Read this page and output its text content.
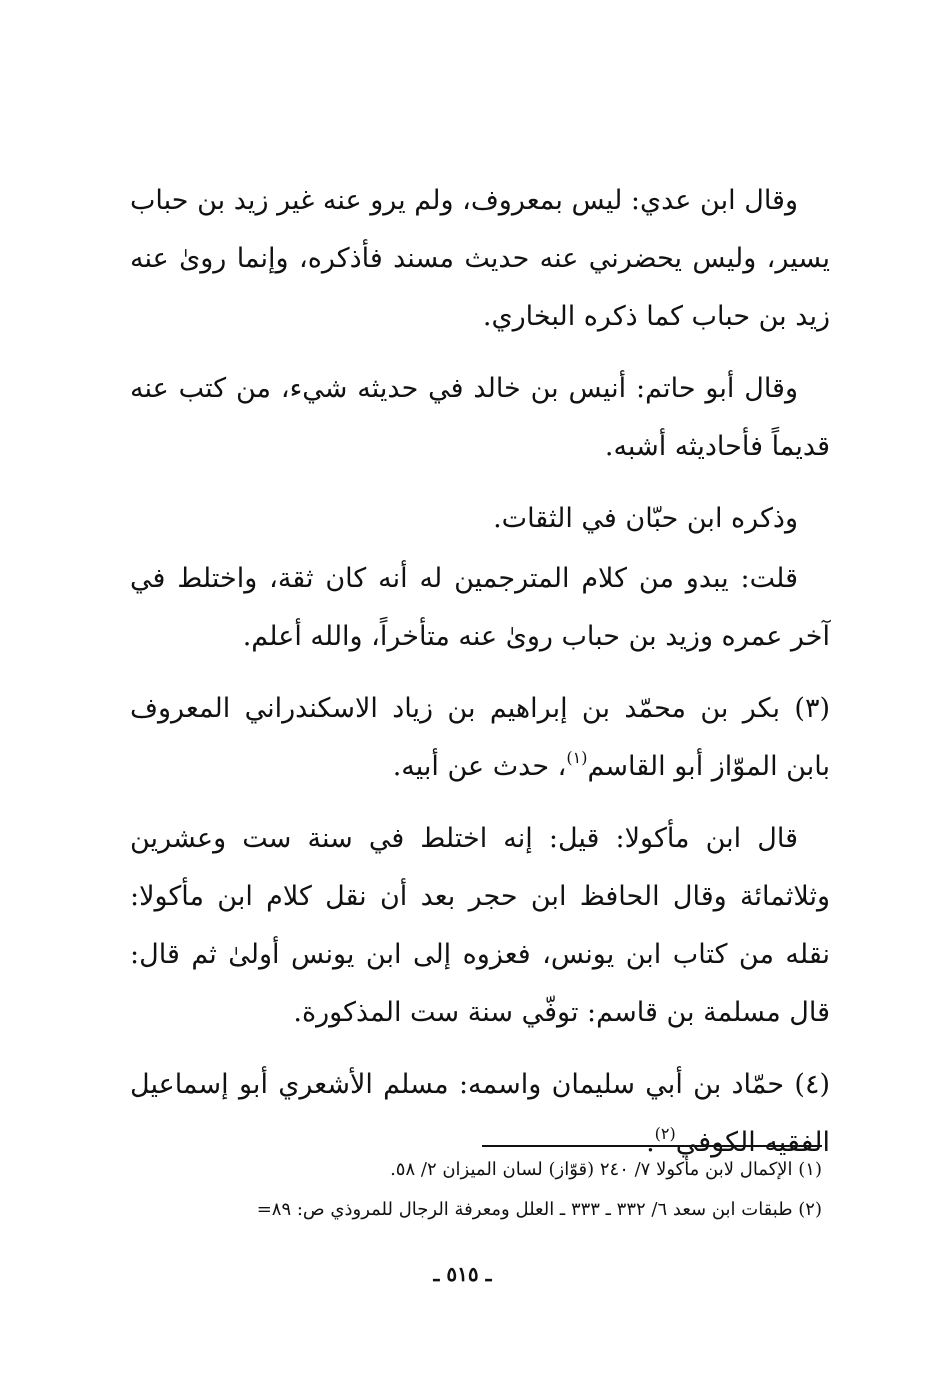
وقال ابن عدي: ليس بمعروف، ولم يرو عنه غير زيد بن حباب يسير، وليس يحضرني عنه حديث مسند فأذكره، وإنما روىٰ عنه زيد بن حباب كما ذكره البخاري.

وقال أبو حاتم: أنيس بن خالد في حديثه شيء، من كتب عنه قديماً فأحاديثه أشبه.

وذكره ابن حبّان في الثقات.

قلت: يبدو من كلام المترجمين له أنه كان ثقة، واختلط في آخر عمره وزيد بن حباب روىٰ عنه متأخراً، والله أعلم.

(٣) بكر بن محمّد بن إبراهيم بن زياد الاسكندراني المعروف بابن الموّاز أبو القاسم$^{(١)}$، حدث عن أبيه.

قال ابن مأكولا: قيل: إنه اختلط في سنة ست وعشرين وثلاثمائة وقال الحافظ ابن حجر بعد أن نقل كلام ابن مأكولا: نقله من كتاب ابن يونس، فعزوه إلى ابن يونس أولىٰ ثم قال: قال مسلمة بن قاسم: توفّي سنة ست المذكورة.

(٤) حمّاد بن أبي سليمان واسمه: مسلم الأشعري أبو إسماعيل الفقيه الكوفي$^{(٢)}$.

(١) الإكمال لابن مأكولا ٧/ ٢٤٠ (قوّاز) لسان الميزان ٢/ ٥٨.

(٢) طبقات ابن سعد ٦/ ٣٣٢ ـ ٣٣٣ ـ العلل ومعرفة الرجال للمروذي ص: ٨٩=

ـ ٥١٥ ـ
